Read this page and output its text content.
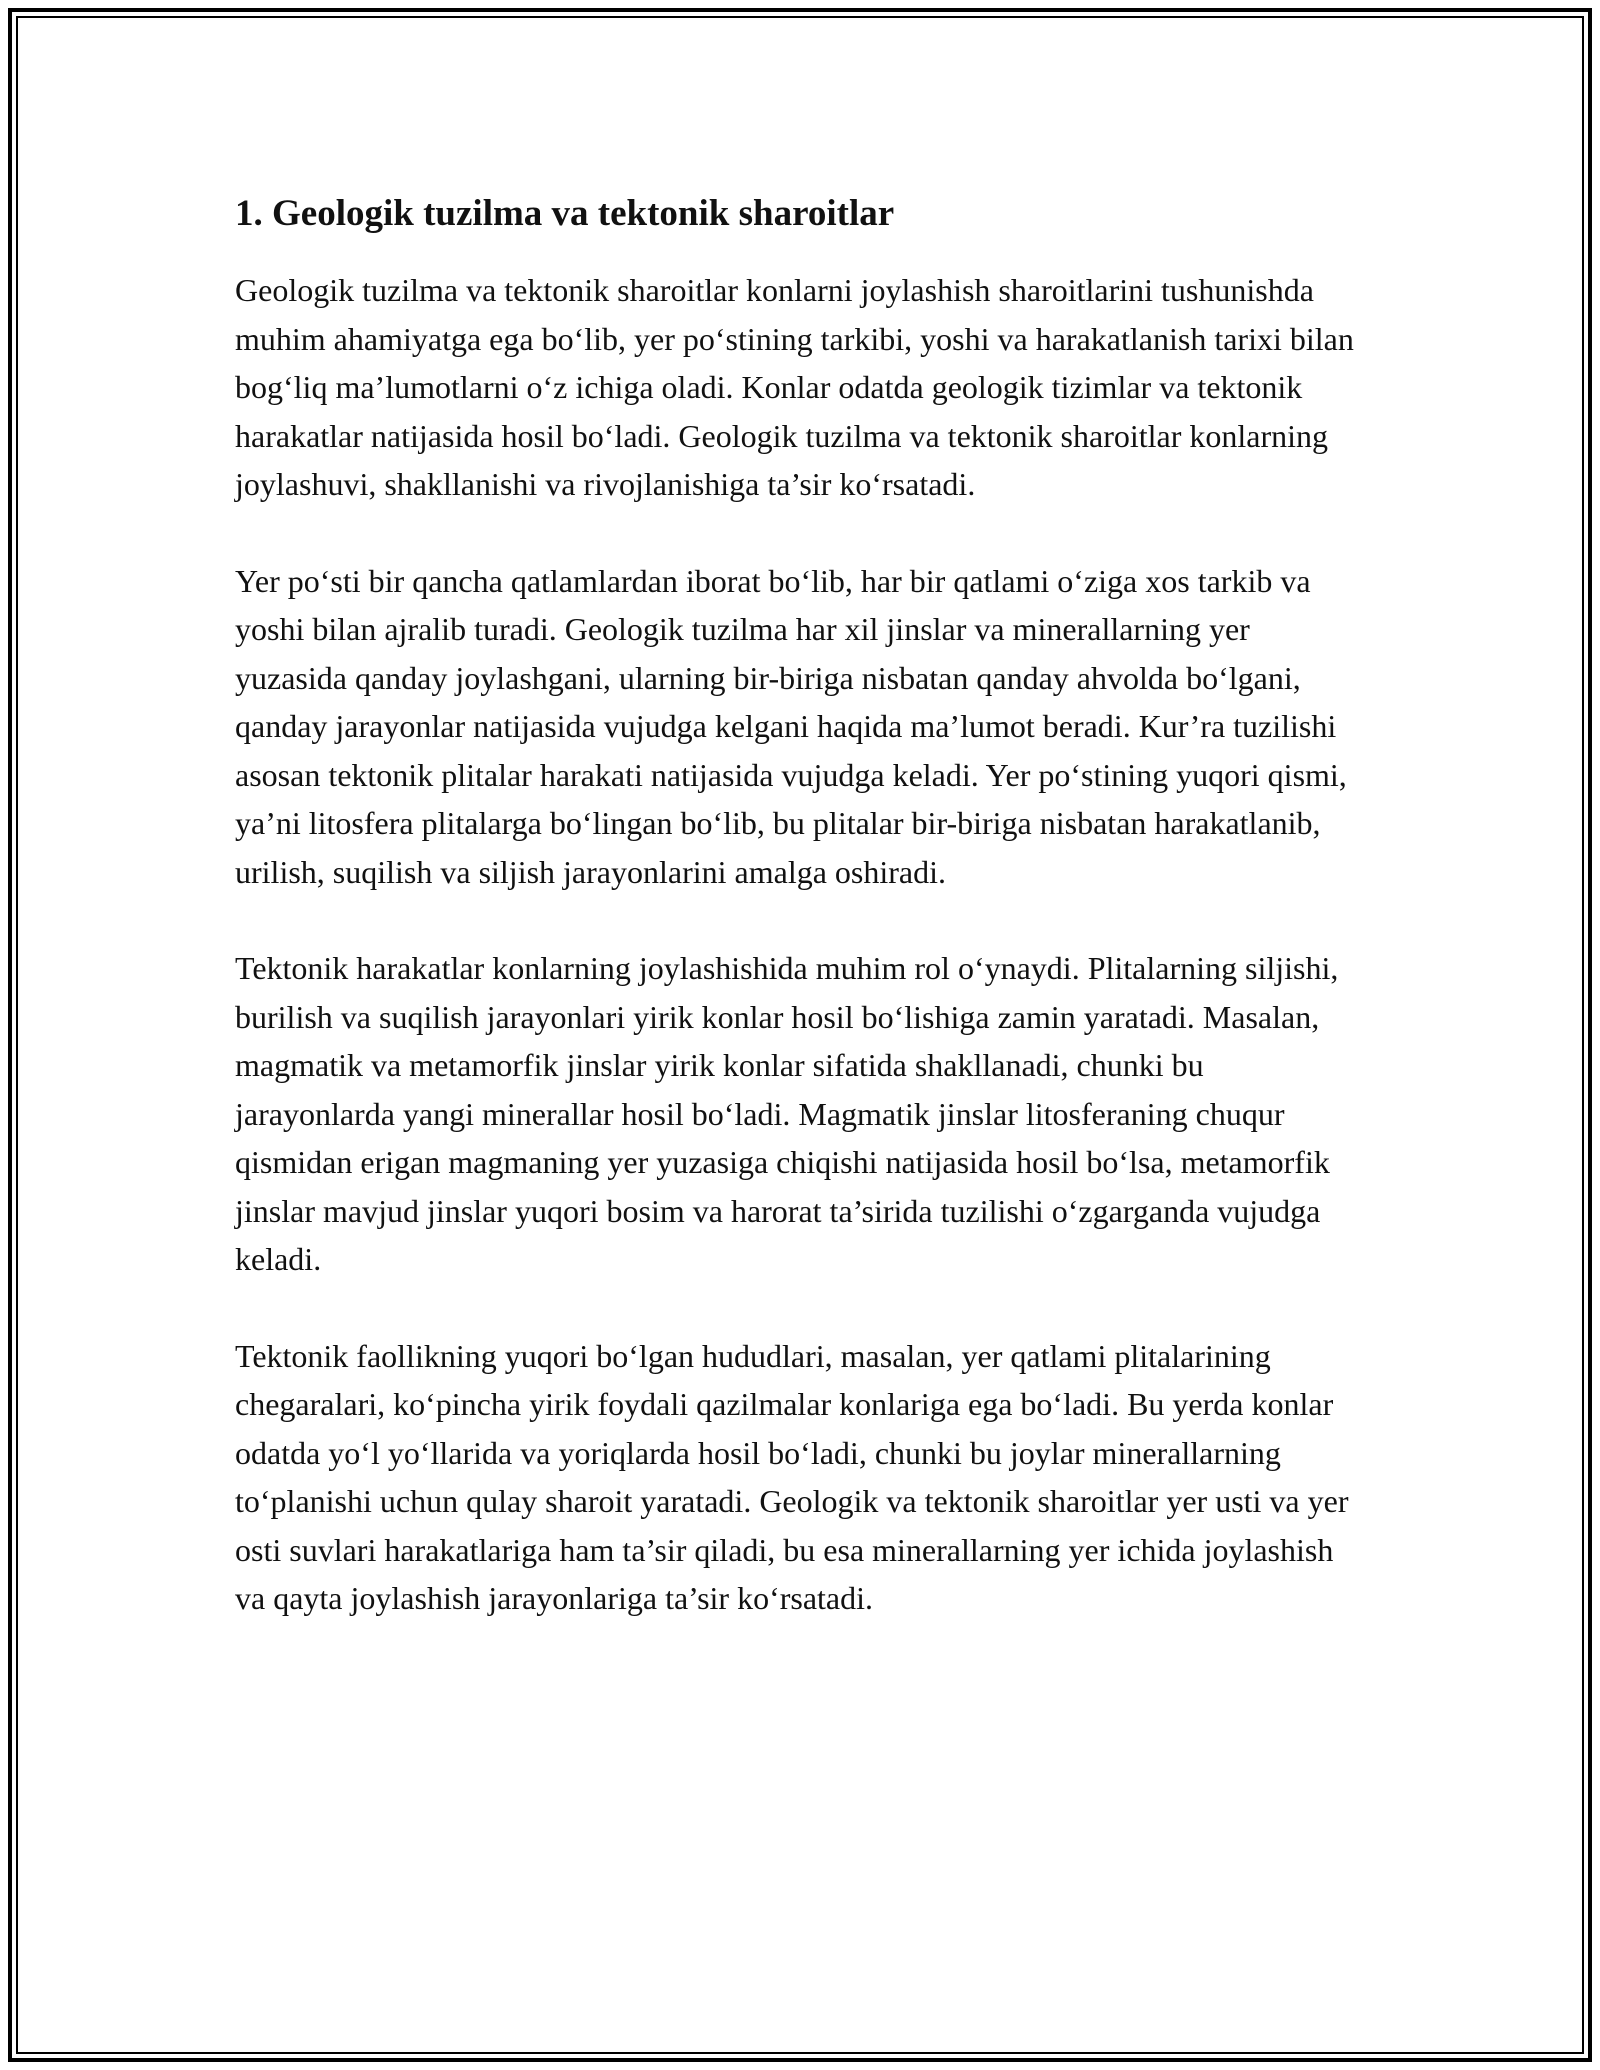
1. Geologik tuzilma va tektonik sharoitlar

Geologik tuzilma va tektonik sharoitlar konlarni joylashish sharoitlarini tushunishda muhim ahamiyatga ega bo‘lib, yer po‘stining tarkibi, yoshi va harakatlanish tarixi bilan bog‘liq ma’lumotlarni o‘z ichiga oladi. Konlar odatda geologik tizimlar va tektonik harakatlar natijasida hosil bo‘ladi. Geologik tuzilma va tektonik sharoitlar konlarning joylashuvi, shakllanishi va rivojlanishiga ta’sir ko‘rsatadi.

Yer po‘sti bir qancha qatlamlardan iborat bo‘lib, har bir qatlami o‘ziga xos tarkib va yoshi bilan ajralib turadi. Geologik tuzilma har xil jinslar va minerallarning yer yuzasida qanday joylashgani, ularning bir-biriga nisbatan qanday ahvolda bo‘lgani, qanday jarayonlar natijasida vujudga kelgani haqida ma’lumot beradi. Kur’ra tuzilishi asosan tektonik plitalar harakati natijasida vujudga keladi. Yer po‘stining yuqori qismi, ya’ni litosfera plitalarga bo‘lingan bo‘lib, bu plitalar bir-biriga nisbatan harakatlanib, urilish, suqilish va siljish jarayonlarini amalga oshiradi.

Tektonik harakatlar konlarning joylashishida muhim rol o‘ynaydi. Plitalarning siljishi, burilish va suqilish jarayonlari yirik konlar hosil bo‘lishiga zamin yaratadi. Masalan, magmatik va metamorfik jinslar yirik konlar sifatida shakllanadi, chunki bu jarayonlarda yangi minerallar hosil bo‘ladi. Magmatik jinslar litosferaning chuqur qismidan erigan magmaning yer yuzasiga chiqishi natijasida hosil bo‘lsa, metamorfik jinslar mavjud jinslar yuqori bosim va harorat ta’sirida tuzilishi o‘zgarganda vujudga keladi.

Tektonik faollikning yuqori bo‘lgan hududlari, masalan, yer qatlami plitalarining chegaralari, ko‘pincha yirik foydali qazilmalar konlariga ega bo‘ladi. Bu yerda konlar odatda yo‘l yo‘llarida va yoriqlarda hosil bo‘ladi, chunki bu joylar minerallarning to‘planishi uchun qulay sharoit yaratadi. Geologik va tektonik sharoitlar yer usti va yer osti suvlari harakatlariga ham ta’sir qiladi, bu esa minerallarning yer ichida joylashish va qayta joylashish jarayonlariga ta’sir ko‘rsatadi.
